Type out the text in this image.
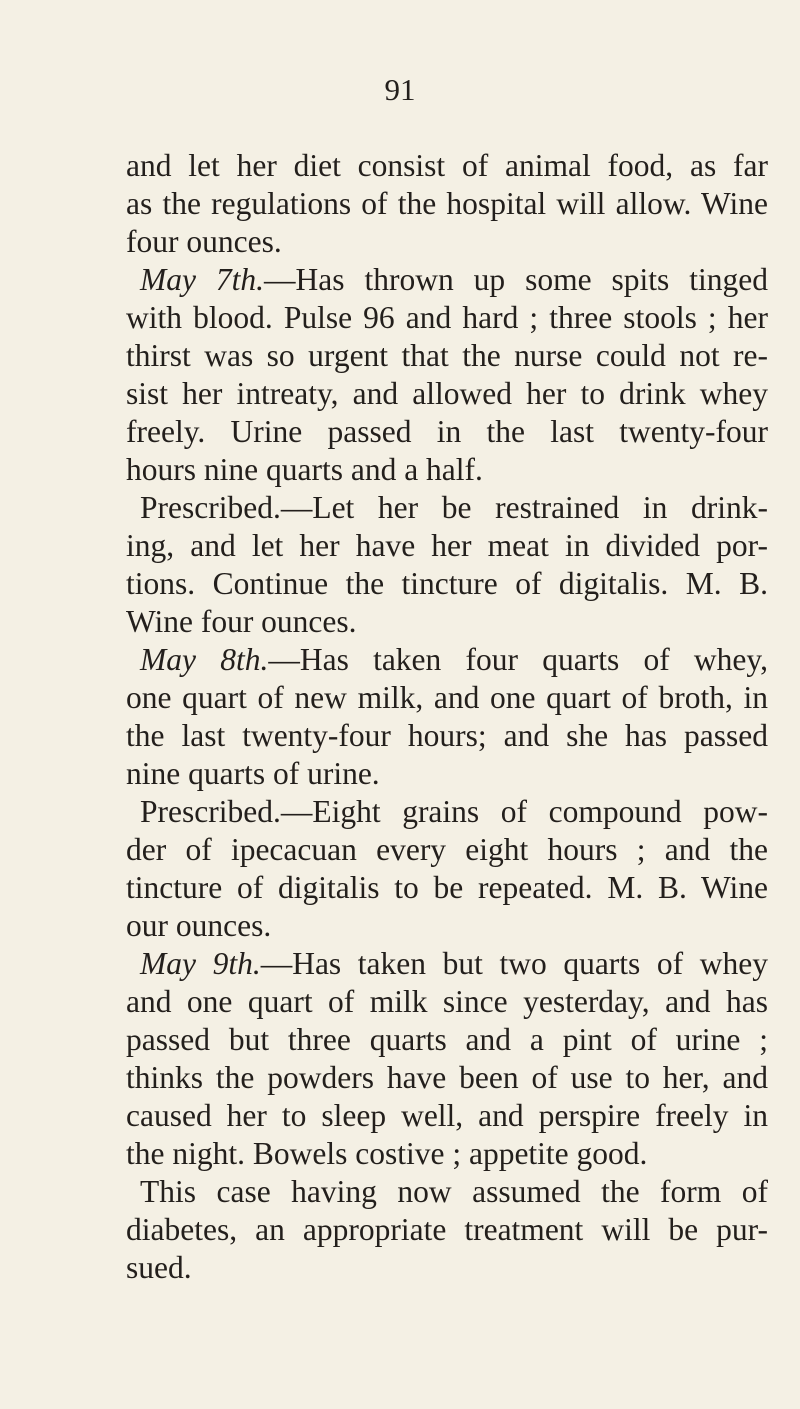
91
and let her diet consist of animal food, as far
as the regulations of the hospital will allow. Wine
four ounces.
May 7th.—Has thrown up some spits tinged
with blood. Pulse 96 and hard ; three stools ; her
thirst was so urgent that the nurse could not re-
sist her intreaty, and allowed her to drink whey
freely. Urine passed in the last twenty-four
hours nine quarts and a half.
Prescribed.—Let her be restrained in drink-
ing, and let her have her meat in divided por-
tions. Continue the tincture of digitalis. M. B.
Wine four ounces.
May 8th.—Has taken four quarts of whey,
one quart of new milk, and one quart of broth, in
the last twenty-four hours; and she has passed
nine quarts of urine.
Prescribed.—Eight grains of compound pow-
der of ipecacuan every eight hours ; and the
tincture of digitalis to be repeated. M. B. Wine
our ounces.
May 9th.—Has taken but two quarts of whey
and one quart of milk since yesterday, and has
passed but three quarts and a pint of urine ;
thinks the powders have been of use to her, and
caused her to sleep well, and perspire freely in
the night. Bowels costive ; appetite good.
This case having now assumed the form of
diabetes, an appropriate treatment will be pur-
sued.
